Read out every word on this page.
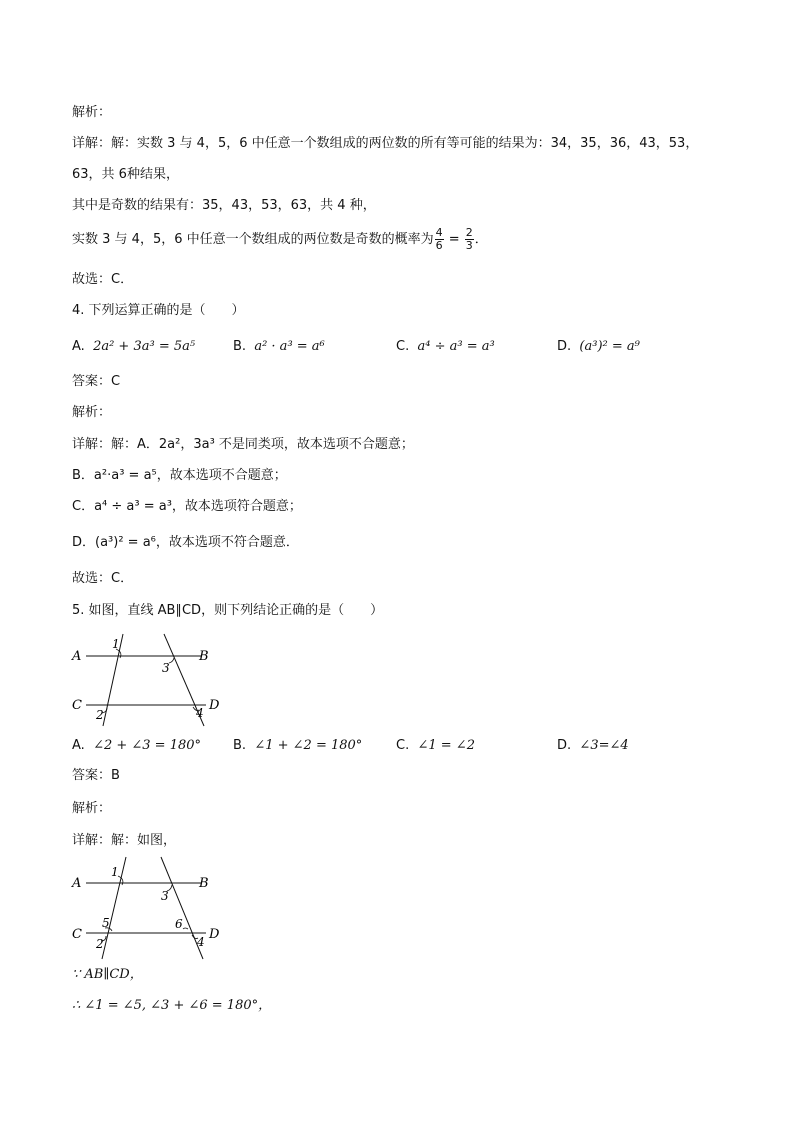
解析：
详解：解：实数 3 与 4，5，6 中任意一个数组成的两位数的所有等可能的结果为：34，35，36，43，53，
63，共 6种结果，
其中是奇数的结果有：35，43，53，63，共 4 种，
实数 3 与 4，5，6 中任意一个数组成的两位数是奇数的概率为 $\frac{4}{6} = \frac{2}{3}$ ．
故选：C．
4. 下列运算正确的是（　　）
A. 2a² + 3a³ = 5a⁵	B. a² · a³ = a⁶	C. a⁴ ÷ a³ = a³	D. (a³)² = a⁹
答案：C
解析：
详解：解：A．2a²，3a³ 不是同类项，故本选项不合题意；
B．a²·a³ = a⁵，故本选项不合题意；
C．a⁴ ÷ a³ = a³，故本选项符合题意；
D．(a³)² = a⁶，故本选项不符合题意．
故选：C．
5. 如图，直线 AB∥CD，则下列结论正确的是（　　）
A	B
C	D
1
2
3
4
A. ∠2 + ∠3 = 180° B. ∠1 + ∠2 = 180°	C. ∠1 = ∠2	D. ∠3=∠4
答案：B
解析：
详解：解：如图，
A	B
C	D
1
2
3
4
5	6
∵ AB∥CD，
∴ ∠1 = ∠5, ∠3 + ∠6 = 180°，
